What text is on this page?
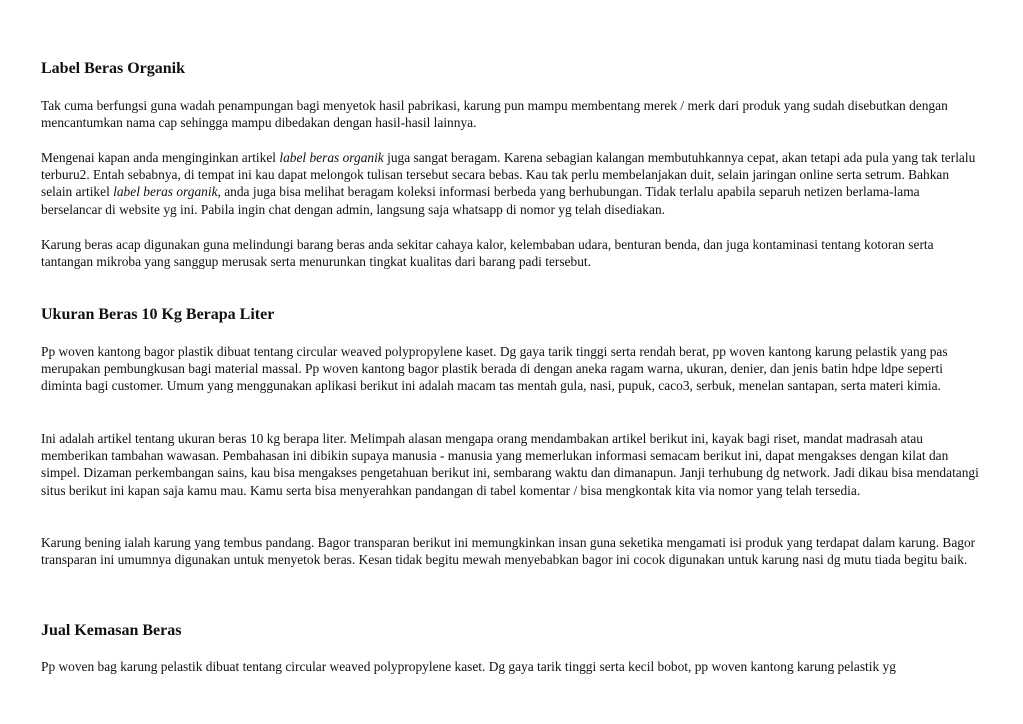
Label Beras Organik

Tak cuma berfungsi guna wadah penampungan bagi menyetok hasil pabrikasi, karung pun mampu membentang merek / merk dari produk yang sudah disebutkan dengan mencantumkan nama cap sehingga mampu dibedakan dengan hasil-hasil lainnya.

Mengenai kapan anda menginginkan artikel label beras organik juga sangat beragam. Karena sebagian kalangan membutuhkannya cepat, akan tetapi ada pula yang tak terlalu terburu2. Entah sebabnya, di tempat ini kau dapat melongok tulisan tersebut secara bebas. Kau tak perlu membelanjakan duit, selain jaringan online serta setrum. Bahkan selain artikel label beras organik, anda juga bisa melihat beragam koleksi informasi berbeda yang berhubungan. Tidak terlalu apabila separuh netizen berlama-lama berselancar di website yg ini. Pabila ingin chat dengan admin, langsung saja whatsapp di nomor yg telah disediakan.

Karung beras acap digunakan guna melindungi barang beras anda sekitar cahaya kalor, kelembaban udara, benturan benda, dan juga kontaminasi tentang kotoran serta tantangan mikroba yang sanggup merusak serta menurunkan tingkat kualitas dari barang padi tersebut.

Ukuran Beras 10 Kg Berapa Liter

Pp woven kantong bagor plastik dibuat tentang circular weaved polypropylene kaset. Dg gaya tarik tinggi serta rendah berat, pp woven kantong karung pelastik yang pas merupakan pembungkusan bagi material massal. Pp woven kantong bagor plastik berada di dengan aneka ragam warna, ukuran, denier, dan jenis batin hdpe ldpe seperti diminta bagi customer. Umum yang menggunakan aplikasi berikut ini adalah macam tas mentah gula, nasi, pupuk, caco3, serbuk, menelan santapan, serta materi kimia.

Ini adalah artikel tentang ukuran beras 10 kg berapa liter. Melimpah alasan mengapa orang mendambakan artikel berikut ini, kayak bagi riset, mandat madrasah atau memberikan tambahan wawasan. Pembahasan ini dibikin supaya manusia - manusia yang memerlukan informasi semacam berikut ini, dapat mengakses dengan kilat dan simpel. Dizaman perkembangan sains, kau bisa mengakses pengetahuan berikut ini, sembarang waktu dan dimanapun. Janji terhubung dg network. Jadi dikau bisa mendatangi situs berikut ini kapan saja kamu mau. Kamu serta bisa menyerahkan pandangan di tabel komentar / bisa mengkontak kita via nomor yang telah tersedia.

Karung bening ialah karung yang tembus pandang. Bagor transparan berikut ini memungkinkan insan guna seketika mengamati isi produk yang terdapat dalam karung. Bagor transparan ini umumnya digunakan untuk menyetok beras. Kesan tidak begitu mewah menyebabkan bagor ini cocok digunakan untuk karung nasi dg mutu tiada begitu baik.

Jual Kemasan Beras

Pp woven bag karung pelastik dibuat tentang circular weaved polypropylene kaset. Dg gaya tarik tinggi serta kecil bobot, pp woven kantong karung pelastik yg
